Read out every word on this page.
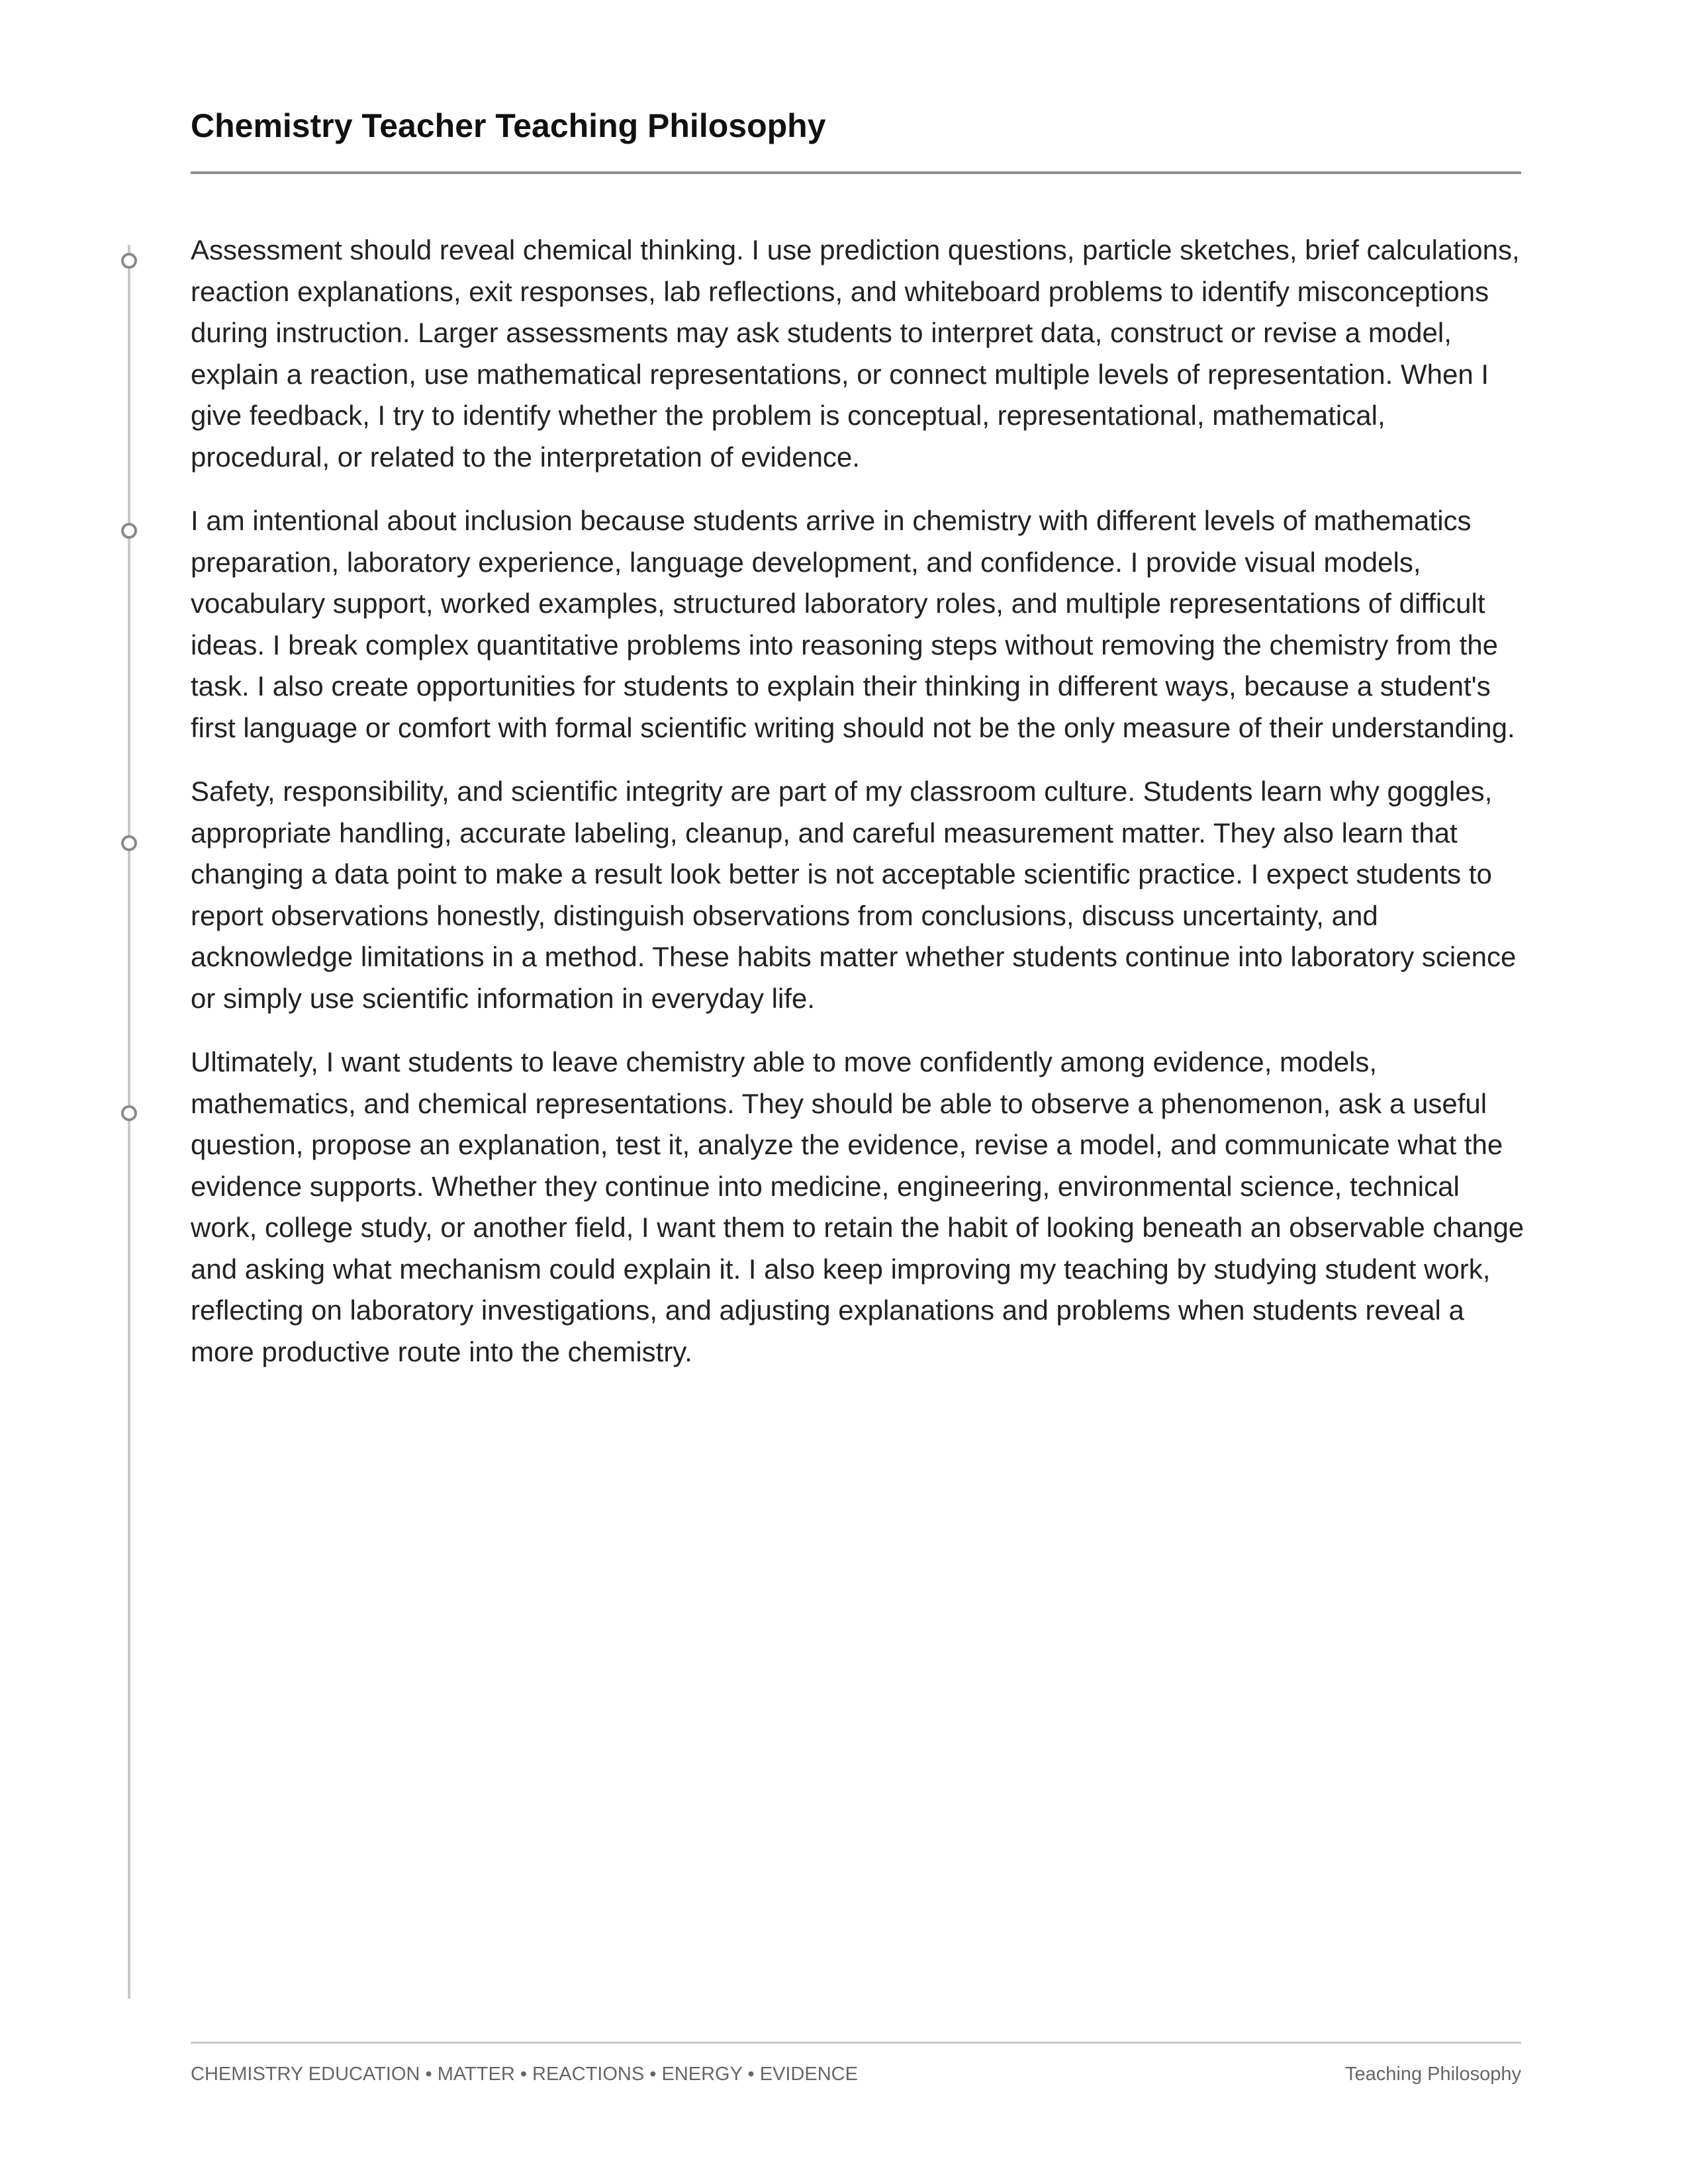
Chemistry Teacher Teaching Philosophy

Assessment should reveal chemical thinking. I use prediction questions, particle sketches, brief calculations, reaction explanations, exit responses, lab reflections, and whiteboard problems to identify misconceptions during instruction. Larger assessments may ask students to interpret data, construct or revise a model, explain a reaction, use mathematical representations, or connect multiple levels of representation. When I give feedback, I try to identify whether the problem is conceptual, representational, mathematical, procedural, or related to the interpretation of evidence.

I am intentional about inclusion because students arrive in chemistry with different levels of mathematics preparation, laboratory experience, language development, and confidence. I provide visual models, vocabulary support, worked examples, structured laboratory roles, and multiple representations of difficult ideas. I break complex quantitative problems into reasoning steps without removing the chemistry from the task. I also create opportunities for students to explain their thinking in different ways, because a student's first language or comfort with formal scientific writing should not be the only measure of their understanding.

Safety, responsibility, and scientific integrity are part of my classroom culture. Students learn why goggles, appropriate handling, accurate labeling, cleanup, and careful measurement matter. They also learn that changing a data point to make a result look better is not acceptable scientific practice. I expect students to report observations honestly, distinguish observations from conclusions, discuss uncertainty, and acknowledge limitations in a method. These habits matter whether students continue into laboratory science or simply use scientific information in everyday life.

Ultimately, I want students to leave chemistry able to move confidently among evidence, models, mathematics, and chemical representations. They should be able to observe a phenomenon, ask a useful question, propose an explanation, test it, analyze the evidence, revise a model, and communicate what the evidence supports. Whether they continue into medicine, engineering, environmental science, technical work, college study, or another field, I want them to retain the habit of looking beneath an observable change and asking what mechanism could explain it. I also keep improving my teaching by studying student work, reflecting on laboratory investigations, and adjusting explanations and problems when students reveal a more productive route into the chemistry.

CHEMISTRY EDUCATION • MATTER • REACTIONS • ENERGY • EVIDENCE	Teaching Philosophy
